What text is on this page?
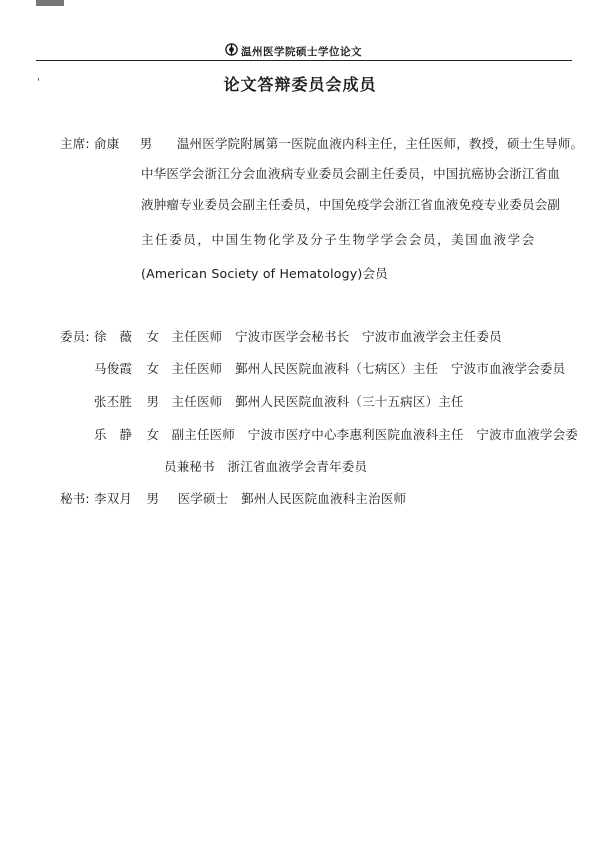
温州医学院硕士学位论文
'	论文答辩委员会成员
主席: 俞康 男 温州医学院附属第一医院血液内科主任，主任医师，教授，硕士生导师。
中华医学会浙江分会血液病专业委员会副主任委员，中国抗癌协会浙江省血
液肿瘤专业委员会副主任委员，中国免疫学会浙江省血液免疫专业委员会副
主任委员，中国生物化学及分子生物学学会会员，美国血液学会
(American Society of Hematology)会员
委员: 徐　薇 女 主任医师　宁波市医学会秘书长　宁波市血液学会主任委员
马俊霞 女 主任医师　鄞州人民医院血液科（七病区）主任　宁波市血液学会委员
张丕胜 男 主任医师　鄞州人民医院血液科（三十五病区）主任
乐　静 女 副主任医师　宁波市医疗中心李惠利医院血液科主任　宁波市血液学会委
员兼秘书　浙江省血液学会青年委员
秘书: 李双月 男 医学硕士　鄞州人民医院血液科主治医师
